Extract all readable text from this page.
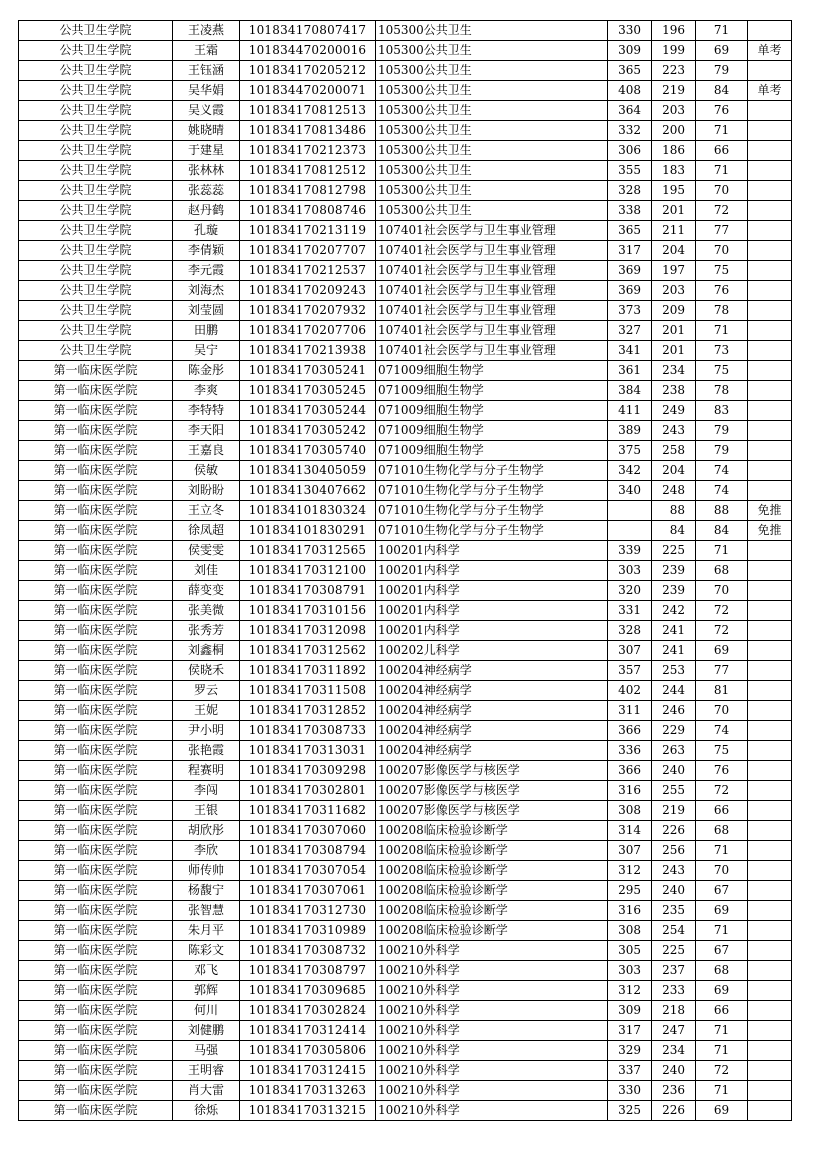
公共卫生学院	王凌燕	101834170807417	105300公共卫生	330	196	71	
公共卫生学院	王霜	101834470200016	105300公共卫生	309	199	69	单考
公共卫生学院	王钰涵	101834170205212	105300公共卫生	365	223	79	
公共卫生学院	吴华娟	101834470200071	105300公共卫生	408	219	84	单考
公共卫生学院	吴义霞	101834170812513	105300公共卫生	364	203	76	
公共卫生学院	姚晓晴	101834170813486	105300公共卫生	332	200	71	
公共卫生学院	于建星	101834170212373	105300公共卫生	306	186	66	
公共卫生学院	张林林	101834170812512	105300公共卫生	355	183	71	
公共卫生学院	张蕊蕊	101834170812798	105300公共卫生	328	195	70	
公共卫生学院	赵丹鹤	101834170808746	105300公共卫生	338	201	72	
公共卫生学院	孔璇	101834170213119	107401社会医学与卫生事业管理	365	211	77	
公共卫生学院	李倩颖	101834170207707	107401社会医学与卫生事业管理	317	204	70	
公共卫生学院	李元霞	101834170212537	107401社会医学与卫生事业管理	369	197	75	
公共卫生学院	刘海杰	101834170209243	107401社会医学与卫生事业管理	369	203	76	
公共卫生学院	刘莹圆	101834170207932	107401社会医学与卫生事业管理	373	209	78	
公共卫生学院	田鹏	101834170207706	107401社会医学与卫生事业管理	327	201	71	
公共卫生学院	吴宁	101834170213938	107401社会医学与卫生事业管理	341	201	73	
第一临床医学院	陈金彤	101834170305241	071009细胞生物学	361	234	75	
第一临床医学院	李爽	101834170305245	071009细胞生物学	384	238	78	
第一临床医学院	李特特	101834170305244	071009细胞生物学	411	249	83	
第一临床医学院	李天阳	101834170305242	071009细胞生物学	389	243	79	
第一临床医学院	王嘉良	101834170305740	071009细胞生物学	375	258	79	
第一临床医学院	侯敏	101834130405059	071010生物化学与分子生物学	342	204	74	
第一临床医学院	刘盼盼	101834130407662	071010生物化学与分子生物学	340	248	74	
第一临床医学院	王立冬	101834101830324	071010生物化学与分子生物学		88	88	免推
第一临床医学院	徐凤超	101834101830291	071010生物化学与分子生物学		84	84	免推
第一临床医学院	侯雯雯	101834170312565	100201内科学	339	225	71	
第一临床医学院	刘佳	101834170312100	100201内科学	303	239	68	
第一临床医学院	薛变变	101834170308791	100201内科学	320	239	70	
第一临床医学院	张美微	101834170310156	100201内科学	331	242	72	
第一临床医学院	张秀芳	101834170312098	100201内科学	328	241	72	
第一临床医学院	刘鑫桐	101834170312562	100202儿科学	307	241	69	
第一临床医学院	侯晓禾	101834170311892	100204神经病学	357	253	77	
第一临床医学院	罗云	101834170311508	100204神经病学	402	244	81	
第一临床医学院	王妮	101834170312852	100204神经病学	311	246	70	
第一临床医学院	尹小明	101834170308733	100204神经病学	366	229	74	
第一临床医学院	张艳霞	101834170313031	100204神经病学	336	263	75	
第一临床医学院	程赛明	101834170309298	100207影像医学与核医学	366	240	76	
第一临床医学院	李闯	101834170302801	100207影像医学与核医学	316	255	72	
第一临床医学院	王银	101834170311682	100207影像医学与核医学	308	219	66	
第一临床医学院	胡欣彤	101834170307060	100208临床检验诊断学	314	226	68	
第一临床医学院	李欣	101834170308794	100208临床检验诊断学	307	256	71	
第一临床医学院	师传帅	101834170307054	100208临床检验诊断学	312	243	70	
第一临床医学院	杨馥宁	101834170307061	100208临床检验诊断学	295	240	67	
第一临床医学院	张智慧	101834170312730	100208临床检验诊断学	316	235	69	
第一临床医学院	朱月平	101834170310989	100208临床检验诊断学	308	254	71	
第一临床医学院	陈彩文	101834170308732	100210外科学	305	225	67	
第一临床医学院	邓飞	101834170308797	100210外科学	303	237	68	
第一临床医学院	郭辉	101834170309685	100210外科学	312	233	69	
第一临床医学院	何川	101834170302824	100210外科学	309	218	66	
第一临床医学院	刘健鹏	101834170312414	100210外科学	317	247	71	
第一临床医学院	马强	101834170305806	100210外科学	329	234	71	
第一临床医学院	王明睿	101834170312415	100210外科学	337	240	72	
第一临床医学院	肖大雷	101834170313263	100210外科学	330	236	71	
第一临床医学院	徐烁	101834170313215	100210外科学	325	226	69	
